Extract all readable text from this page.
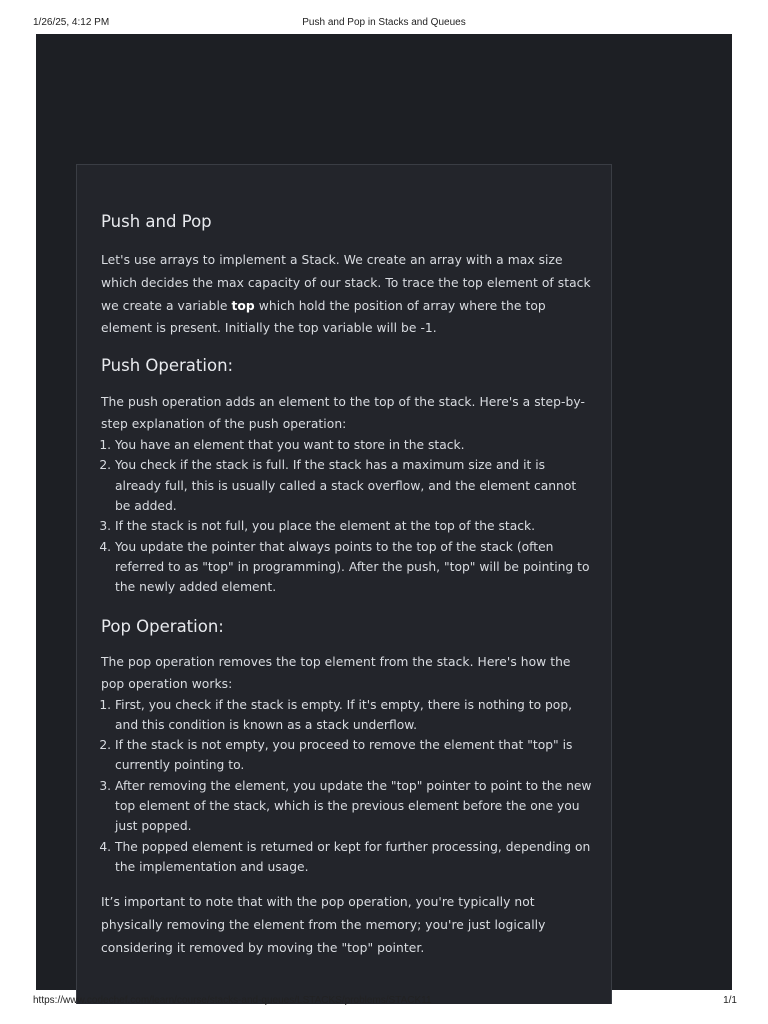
1/26/25, 4:12 PM	Push and Pop in Stacks and Queues
Push and Pop

Let's use arrays to implement a Stack. We create an array with a max size which decides the max capacity of our stack. To trace the top element of stack we create a variable top which hold the position of array where the top element is present. Initially the top variable will be -1.

Push Operation:

The push operation adds an element to the top of the stack. Here's a step-by-step explanation of the push operation:

1. You have an element that you want to store in the stack.
2. You check if the stack is full. If the stack has a maximum size and it is already full, this is usually called a stack overflow, and the element cannot be added.
3. If the stack is not full, you place the element at the top of the stack.
4. You update the pointer that always points to the top of the stack (often referred to as "top" in programming). After the push, "top" will be pointing to the newly added element.
Pop Operation:

The pop operation removes the top element from the stack. Here's how the pop operation works:

1. First, you check if the stack is empty. If it's empty, there is nothing to pop, and this condition is known as a stack underflow.
2. If the stack is not empty, you proceed to remove the element that "top" is currently pointing to.
3. After removing the element, you update the "top" pointer to point to the new top element of the stack, which is the previous element before the one you just popped.
4. The popped element is returned or kept for further processing, depending on the implementation and usage.

It’s important to note that with the pop operation, you're typically not physically removing the element from the memory; you're just logically considering it removed by moving the "top" pointer.

https://www.codechef.com/learn/course/stacks-and-queues/LSTACKS/problems/STACK11	1/1
